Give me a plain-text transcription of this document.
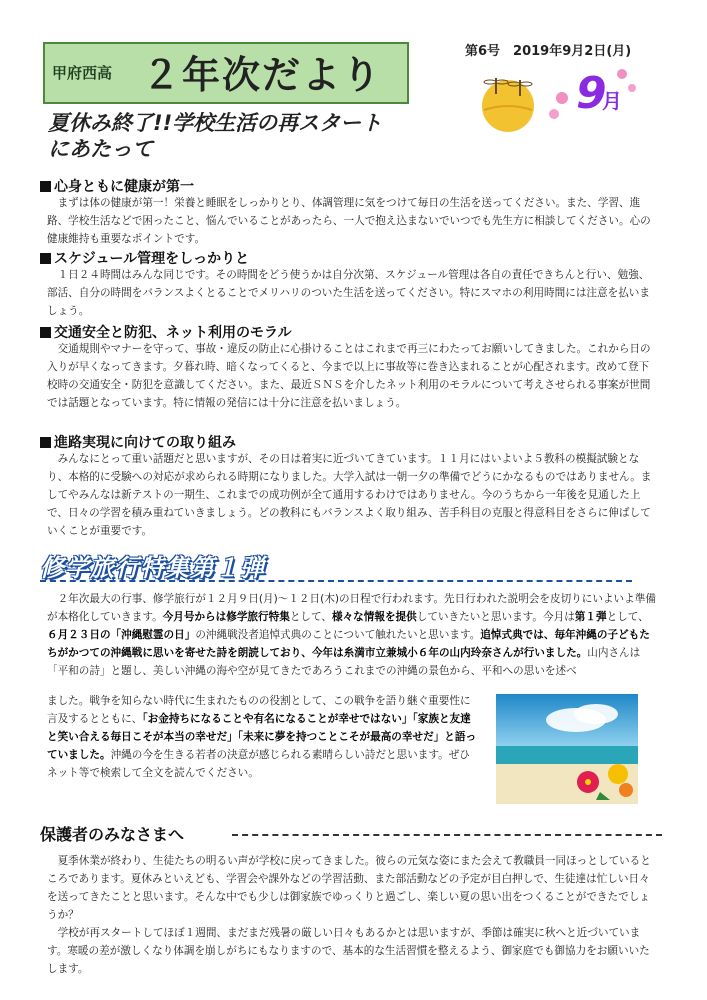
甲府西高 ２年次だより
第6号　2019年9月2日(月)
9
月
夏休み終了!!学校生活の再スタート
にあたって
心身ともに健康が第一
まずは体の健康が第一！栄養と睡眠をしっかりとり、体調管理に気をつけて毎日の生活を送ってください。また、学習、進路、学校生活などで困ったこと、悩んでいることがあったら、一人で抱え込まないでいつでも先生方に相談してください。心の健康維持も重要なポイントです。
スケジュール管理をしっかりと
１日２４時間はみんな同じです。その時間をどう使うかは自分次第、スケジュール管理は各自の責任できちんと行い、勉強、部活、自分の時間をバランスよくとることでメリハリのついた生活を送ってください。特にスマホの利用時間には注意を払いましょう。
交通安全と防犯、ネット利用のモラル
交通規則やマナーを守って、事故・違反の防止に心掛けることはこれまで再三にわたってお願いしてきました。これから日の入りが早くなってきます。夕暮れ時、暗くなってくると、今まで以上に事故等に巻き込まれることが心配されます。改めて登下校時の交通安全・防犯を意識してください。また、最近ＳＮＳを介したネット利用のモラルについて考えさせられる事案が世間では話題となっています。特に情報の発信には十分に注意を払いましょう。
進路実現に向けての取り組み
みんなにとって重い話題だと思いますが、その日は着実に近づいてきています。１１月にはいよいよ５教科の模擬試験となり、本格的に受験への対応が求められる時期になりました。大学入試は一朝一夕の準備でどうにかなるものではありません。ましてやみんなは新テストの一期生、これまでの成功例が全て通用するわけではありません。今のうちから一年後を見通した上で、日々の学習を積み重ねていきましょう。どの教科にもバランスよく取り組み、苦手科目の克服と得意科目をさらに伸ばしていくことが重要です。
修学旅行特集第１弾
２年次最大の行事、修学旅行が１２月９日(月)～１２日(木)の日程で行われます。先日行われた説明会を皮切りにいよいよ準備が本格化していきます。今月号からは修学旅行特集として、様々な情報を提供していきたいと思います。今月は第１弾として、６月２３日の「沖縄慰霊の日」の沖縄戦没者追悼式典のことについて触れたいと思います。追悼式典では、毎年沖縄の子どもたちがかつての沖縄戦に思いを寄せた詩を朗読しており、今年は糸満市立兼城小６年の山内玲奈さんが行いました。山内さんは「平和の詩」と題し、美しい沖縄の海や空が見てきたであろうこれまでの沖縄の景色から、平和への思いを述べ
ました。戦争を知らない時代に生まれたものの役割として、この戦争を語り継ぐ重要性に言及するとともに、「お金持ちになることや有名になることが幸せではない」「家族と友達と笑い合える毎日こそが本当の幸せだ」「未来に夢を持つことこそが最高の幸せだ」と語っていました。沖縄の今を生きる若者の決意が感じられる素晴らしい詩だと思います。ぜひネット等で検索して全文を読んでください。
保護者のみなさまへ
夏季休業が終わり、生徒たちの明るい声が学校に戻ってきました。彼らの元気な姿にまた会えて教職員一同ほっとしているところであります。夏休みといえども、学習会や課外などの学習活動、また部活動などの予定が目白押しで、生徒達は忙しい日々を送ってきたことと思います。そんな中でも少しは御家族でゆっくりと過ごし、楽しい夏の思い出をつくることができたでしょうか？
学校が再スタートしてほぼ１週間、まだまだ残暑の厳しい日々もあるかとは思いますが、季節は確実に秋へと近づいています。寒暖の差が激しくなり体調を崩しがちにもなりますので、基本的な生活習慣を整えるよう、御家庭でも御協力をお願いいたします。
